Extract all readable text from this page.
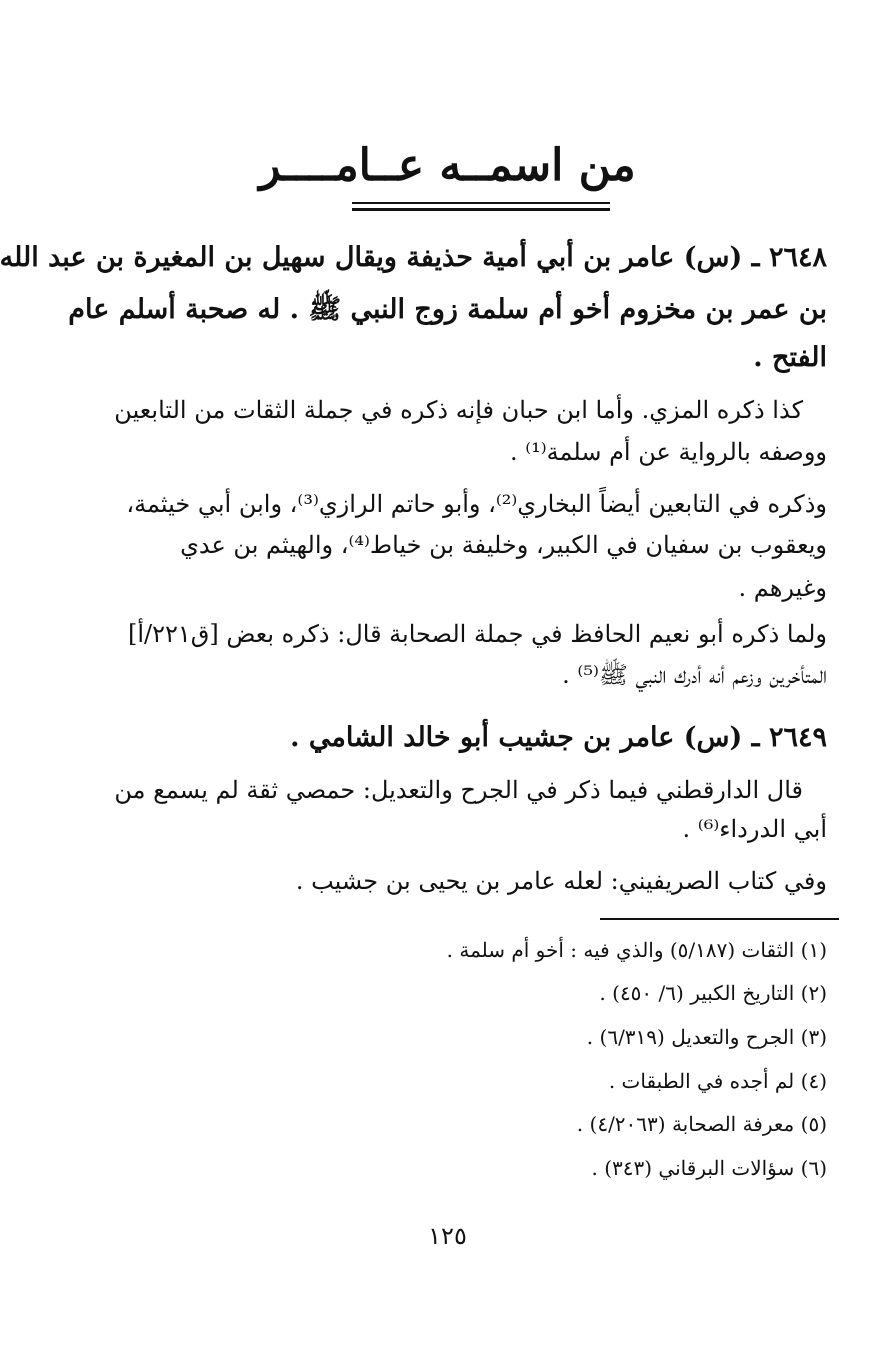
من اسمــه عــامــــر
٢٦٤٨ ـ (س) عامر بن أبي أمية حذيفة ويقال سهيل بن المغيرة بن عبد الله
بن عمر بن مخزوم أخو أم سلمة زوج النبي ﷺ . له صحبة أسلم عام
الفتح .
كذا ذكره المزي. وأما ابن حبان فإنه ذكره في جملة الثقات من التابعين
ووصفه بالرواية عن أم سلمة⁽¹⁾ .
وذكره في التابعين أيضاً البخاري⁽²⁾، وأبو حاتم الرازي⁽³⁾، وابن أبي خيثمة،
ويعقوب بن سفيان في الكبير، وخليفة بن خياط⁽⁴⁾، والهيثم بن عدي
وغيرهم .
ولما ذكره أبو نعيم الحافظ في جملة الصحابة قال: ذكره بعض [ق٢٢١/أ]
المتأخرين وزعم أنه أدرك النبي ﷺ⁽⁵⁾ .
٢٦٤٩ ـ (س) عامر بن جشيب أبو خالد الشامي .
قال الدارقطني فيما ذكر في الجرح والتعديل: حمصي ثقة لم يسمع من
أبي الدرداء⁽⁶⁾ .
وفي كتاب الصريفيني: لعله عامر بن يحيى بن جشيب .
(١) الثقات (٥/١٨٧) والذي فيه : أخو أم سلمة .
(٢) التاريخ الكبير (٦/ ٤٥٠) .
(٣) الجرح والتعديل (٦/٣١٩) .
(٤) لم أجده في الطبقات .
(٥) معرفة الصحابة (٤/٢٠٦٣) .
(٦) سؤالات البرقاني (٣٤٣) .
١٢٥
